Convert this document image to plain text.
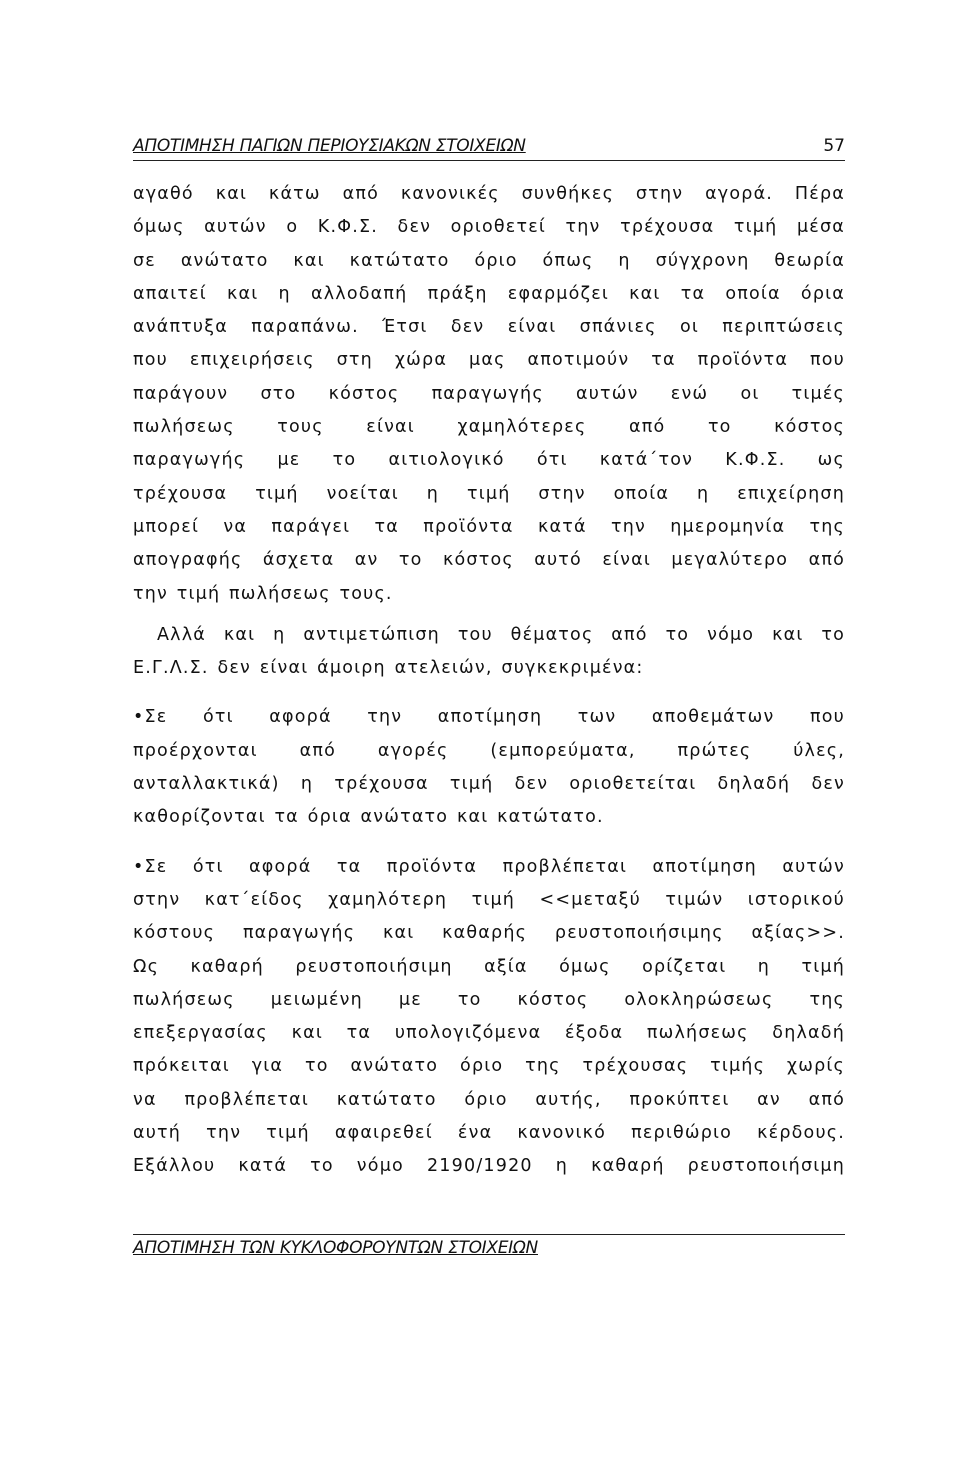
ΑΠΟΤΙΜΗΣΗ ΠΑΓΙΩΝ ΠΕΡΙΟΥΣΙΑΚΩΝ ΣΤΟΙΧΕΙΩΝ	57
αγαθό και κάτω από κανονικές συνθήκες στην αγορά. Πέρα
όμως αυτών ο Κ.Φ.Σ. δεν οριοθετεί την τρέχουσα τιμή μέσα
σε ανώτατο και κατώτατο όριο όπως η σύγχρονη θεωρία
απαιτεί και η αλλοδαπή πράξη εφαρμόζει και τα οποία όρια
ανάπτυξα παραπάνω. Έτσι δεν είναι σπάνιες οι περιπτώσεις
που επιχειρήσεις στη χώρα μας αποτιμούν τα προϊόντα που
παράγουν στο κόστος παραγωγής αυτών ενώ οι τιμές
πωλήσεως τους είναι χαμηλότερες από το κόστος
παραγωγής με το αιτιολογικό ότι κατά΄τον Κ.Φ.Σ. ως
τρέχουσα τιμή νοείται η τιμή στην οποία η επιχείρηση
μπορεί να παράγει τα προϊόντα κατά την ημερομηνία της
απογραφής άσχετα αν το κόστος αυτό είναι μεγαλύτερο από
την τιμή πωλήσεως τους.
Αλλά και η αντιμετώπιση του θέματος από το νόμο και το
Ε.Γ.Λ.Σ. δεν είναι άμοιρη ατελειών, συγκεκριμένα:
•Σε ότι αφορά την αποτίμηση των αποθεμάτων που
προέρχονται από αγορές (εμπορεύματα, πρώτες ύλες,
ανταλλακτικά) η τρέχουσα τιμή δεν οριοθετείται δηλαδή δεν
καθορίζονται τα όρια ανώτατο και κατώτατο.
•Σε ότι αφορά τα προϊόντα προβλέπεται αποτίμηση αυτών
στην κατ΄είδος χαμηλότερη τιμή <<μεταξύ τιμών ιστορικού
κόστους παραγωγής και καθαρής ρευστοποιήσιμης αξίας>>.
Ως καθαρή ρευστοποιήσιμη αξία όμως ορίζεται η τιμή
πωλήσεως μειωμένη με το κόστος ολοκληρώσεως της
επεξεργασίας και τα υπολογιζόμενα έξοδα πωλήσεως δηλαδή
πρόκειται για το ανώτατο όριο της τρέχουσας τιμής χωρίς
να προβλέπεται κατώτατο όριο αυτής, προκύπτει αν από
αυτή την τιμή αφαιρεθεί ένα κανονικό περιθώριο κέρδους.
Εξάλλου κατά το νόμο 2190/1920 η καθαρή ρευστοποιήσιμη
ΑΠΟΤΙΜΗΣΗ ΤΩΝ ΚΥΚΛΟΦΟΡΟΥΝΤΩΝ ΣΤΟΙΧΕΙΩΝ
